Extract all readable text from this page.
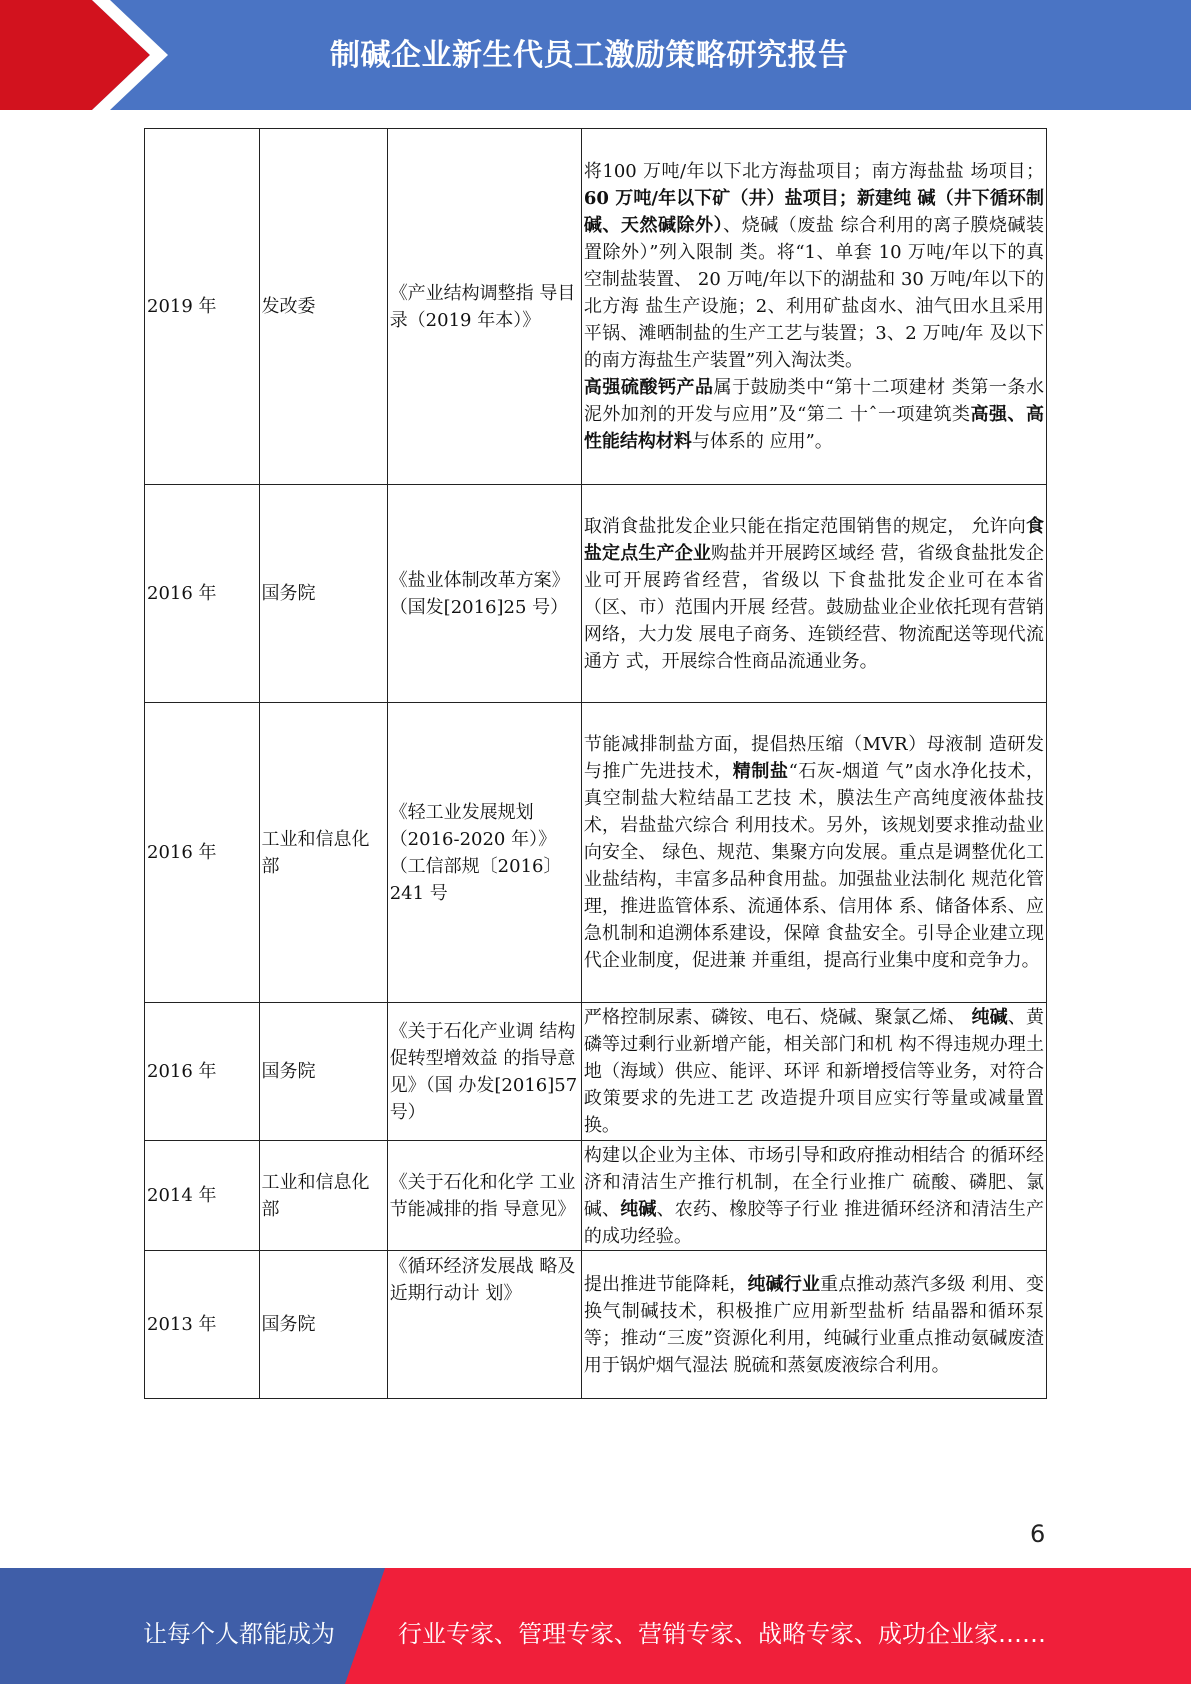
制碱企业新生代员工激励策略研究报告
2019 年	发改委	《产业结构调整指 导目录（2019 年本）》	将100 万吨/年以下北方海盐项目；南方海盐盐 场项目；60 万吨/年以下矿（井）盐项目；新建纯 碱（井下循环制碱、天然碱除外）、烧碱（废盐 综合利用的离子膜烧碱装置除外）”列入限制 类。将“1、单套 10 万吨/年以下的真空制盐装置、 20 万吨/年以下的湖盐和 30 万吨/年以下的北方海 盐生产设施；2、利用矿盐卤水、油气田水且采用 平锅、滩晒制盐的生产工艺与装置；3、2 万吨/年 及以下的南方海盐生产装置”列入淘汰类。
高强硫酸钙产品属于鼓励类中“第十二项建材 类第一条水泥外加剂的开发与应用”及“第二 十ˆ一项建筑类高强、高性能结构材料与体系的 应用”。
2016 年	国务院	《盐业体制改革方案》（国发[2016]25 号）	取消食盐批发企业只能在指定范围销售的规定， 允许向食盐定点生产企业购盐并开展跨区域经 营，省级食盐批发企业可开展跨省经营，省级以 下食盐批发企业可在本省（区、市）范围内开展 经营。鼓励盐业企业依托现有营销网络，大力发 展电子商务、连锁经营、物流配送等现代流通方 式，开展综合性商品流通业务。
2016 年	工业和信息化部	《轻工业发展规划（2016-2020 年）》（工信部规〔2016〕241 号	节能减排制盐方面，提倡热压缩（MVR）母液制 造研发与推广先进技术，精制盐“石灰-烟道 气”卤水净化技术，真空制盐大粒结晶工艺技 术，膜法生产高纯度液体盐技术，岩盐盐穴综合 利用技术。另外，该规划要求推动盐业向安全、 绿色、规范、集聚方向发展。重点是调整优化工 业盐结构，丰富多品种食用盐。加强盐业法制化 规范化管理，推进监管体系、流通体系、信用体 系、储备体系、应急机制和追溯体系建设，保障 食盐安全。引导企业建立现代企业制度，促进兼 并重组，提高行业集中度和竞争力。
2016 年	国务院	《关于石化产业调 结构促转型增效益 的指导意见》（国 办发[2016]57 号）	严格控制尿素、磷铵、电石、烧碱、聚氯乙烯、 纯碱、黄磷等过剩行业新增产能，相关部门和机 构不得违规办理土地（海域）供应、能评、环评 和新增授信等业务，对符合政策要求的先进工艺 改造提升项目应实行等量或减量置换。
2014 年	工业和信息化部	《关于石化和化学 工业节能减排的指 导意见》	构建以企业为主体、市场引导和政府推动相结合 的循环经济和清洁生产推行机制，在全行业推广 硫酸、磷肥、氯碱、纯碱、农药、橡胶等子行业 推进循环经济和清洁生产的成功经验。
2013 年	国务院	《循环经济发展战 略及近期行动计 划》	提出推进节能降耗，纯碱行业重点推动蒸汽多级 利用、变换气制碱技术，积极推广应用新型盐析 结晶器和循环泵等；推动“三废”资源化利用，纯碱行业重点推动氨碱废渣用于锅炉烟气湿法 脱硫和蒸氨废液综合利用。
6
让每个人都能成为	行业专家、管理专家、营销专家、战略专家、成功企业家……
